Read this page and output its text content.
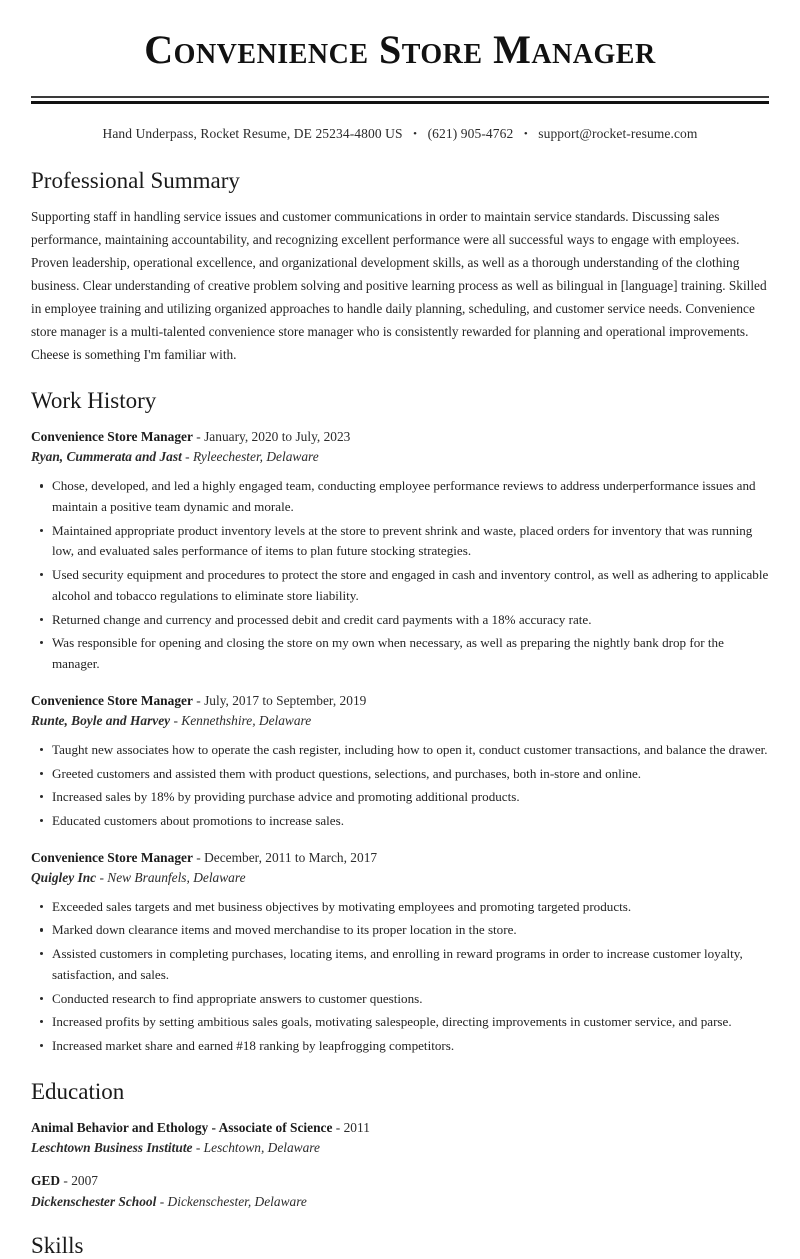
Convenience Store Manager
Hand Underpass, Rocket Resume, DE 25234-4800 US • (621) 905-4762 • support@rocket-resume.com
Professional Summary

Supporting staff in handling service issues and customer communications in order to maintain service standards. Discussing sales performance, maintaining accountability, and recognizing excellent performance were all successful ways to engage with employees. Proven leadership, operational excellence, and organizational development skills, as well as a thorough understanding of the clothing business. Clear understanding of creative problem solving and positive learning process as well as bilingual in [language] training. Skilled in employee training and utilizing organized approaches to handle daily planning, scheduling, and customer service needs. Convenience store manager is a multi-talented convenience store manager who is consistently rewarded for planning and operational improvements. Cheese is something I'm familiar with.

Work History
Convenience Store Manager - January, 2020 to July, 2023
Ryan, Cummerata and Jast - Ryleechester, Delaware
Chose, developed, and led a highly engaged team, conducting employee performance reviews to address underperformance issues and maintain a positive team dynamic and morale.
Maintained appropriate product inventory levels at the store to prevent shrink and waste, placed orders for inventory that was running low, and evaluated sales performance of items to plan future stocking strategies.
Used security equipment and procedures to protect the store and engaged in cash and inventory control, as well as adhering to applicable alcohol and tobacco regulations to eliminate store liability.
Returned change and currency and processed debit and credit card payments with a 18% accuracy rate.
Was responsible for opening and closing the store on my own when necessary, as well as preparing the nightly bank drop for the manager.
Convenience Store Manager - July, 2017 to September, 2019
Runte, Boyle and Harvey - Kennethshire, Delaware
Taught new associates how to operate the cash register, including how to open it, conduct customer transactions, and balance the drawer.
Greeted customers and assisted them with product questions, selections, and purchases, both in-store and online.
Increased sales by 18% by providing purchase advice and promoting additional products.
Educated customers about promotions to increase sales.
Convenience Store Manager - December, 2011 to March, 2017
Quigley Inc - New Braunfels, Delaware
Exceeded sales targets and met business objectives by motivating employees and promoting targeted products.
Marked down clearance items and moved merchandise to its proper location in the store.
Assisted customers in completing purchases, locating items, and enrolling in reward programs in order to increase customer loyalty, satisfaction, and sales.
Conducted research to find appropriate answers to customer questions.
Increased profits by setting ambitious sales goals, motivating salespeople, directing improvements in customer service, and parse.
Increased market share and earned #18 ranking by leapfrogging competitors.
Education
Animal Behavior and Ethology - Associate of Science - 2011
Leschtown Business Institute - Leschtown, Delaware
GED - 2007
Dickenschester School - Dickenschester, Delaware
Skills
